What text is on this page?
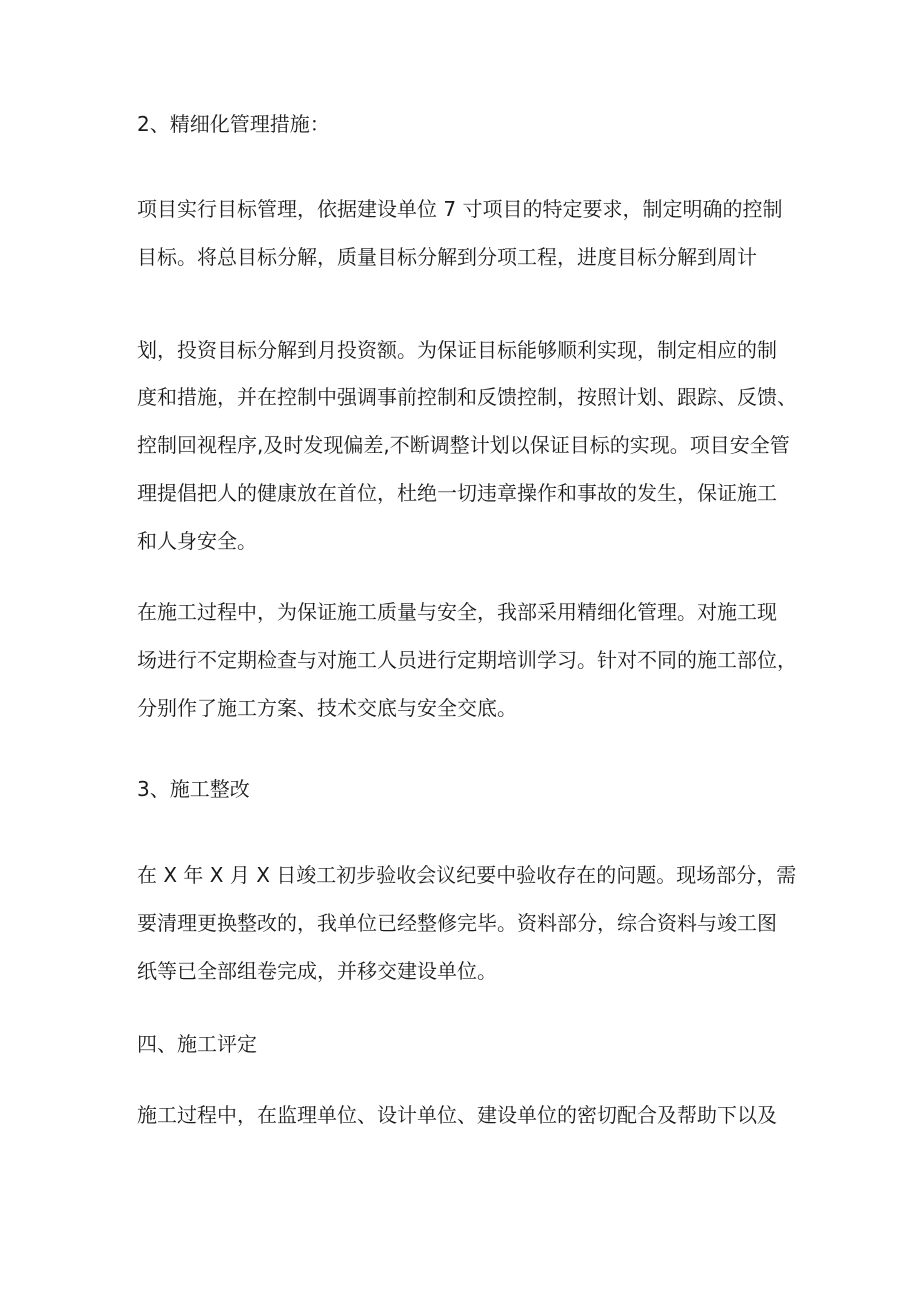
2、精细化管理措施：
项目实行目标管理，依据建设单位 7 寸项目的特定要求，制定明确的控制
目标。将总目标分解，质量目标分解到分项工程，进度目标分解到周计
划，投资目标分解到月投资额。为保证目标能够顺利实现，制定相应的制
度和措施，并在控制中强调事前控制和反馈控制，按照计划、跟踪、反馈、
控制回视程序,及时发现偏差,不断调整计划以保证目标的实现。项目安全管
理提倡把人的健康放在首位，杜绝一切违章操作和事故的发生，保证施工
和人身安全。
在施工过程中，为保证施工质量与安全，我部采用精细化管理。对施工现
场进行不定期检查与对施工人员进行定期培训学习。针对不同的施工部位，
分别作了施工方案、技术交底与安全交底。
3、施工整改
在 X 年 X 月 X 日竣工初步验收会议纪要中验收存在的问题。现场部分，需
要清理更换整改的，我单位已经整修完毕。资料部分，综合资料与竣工图
纸等已全部组卷完成，并移交建设单位。
四、施工评定
施工过程中，在监理单位、设计单位、建设单位的密切配合及帮助下以及
